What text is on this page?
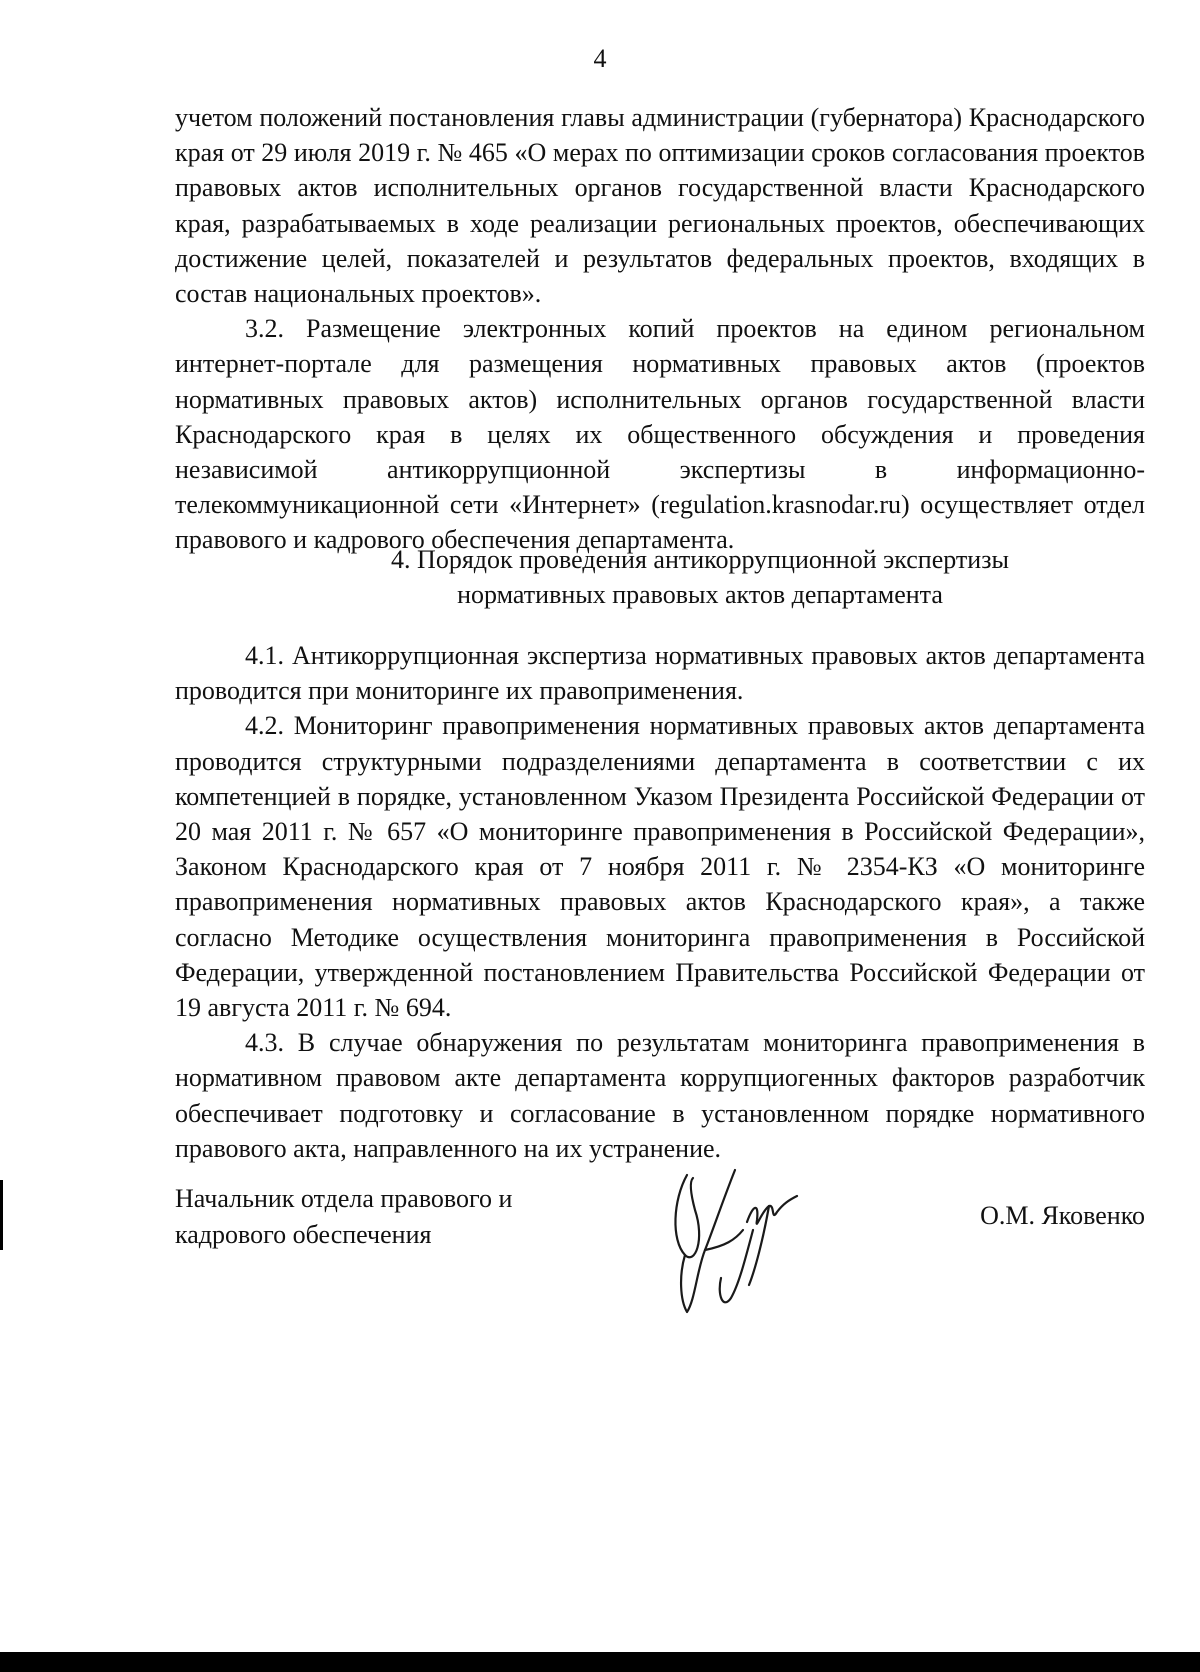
4

учетом положений постановления главы администрации (губернатора) Краснодарского края от 29 июля 2019 г. № 465 «О мерах по оптимизации сроков согласования проектов правовых актов исполнительных органов государственной власти Краснодарского края, разрабатываемых в ходе реализации региональных проектов, обеспечивающих достижение целей, показателей и результатов федеральных проектов, входящих в состав национальных проектов».

3.2. Размещение электронных копий проектов на едином региональном интернет-портале для размещения нормативных правовых актов (проектов нормативных правовых актов) исполнительных органов государственной власти Краснодарского края в целях их общественного обсуждения и проведения независимой антикоррупционной экспертизы в информационно-телекоммуникационной сети «Интернет» (regulation.krasnodar.ru) осуществляет отдел правового и кадрового обеспечения департамента.

4. Порядок проведения антикоррупционной экспертизы
нормативных правовых актов департамента

4.1. Антикоррупционная экспертиза нормативных правовых актов департамента проводится при мониторинге их правоприменения.

4.2. Мониторинг правоприменения нормативных правовых актов департамента проводится структурными подразделениями департамента в соответствии с их компетенцией в порядке, установленном Указом Президента Российской Федерации от 20 мая 2011 г. № 657 «О мониторинге правоприменения в Российской Федерации», Законом Краснодарского края от 7 ноября 2011 г. № 2354-КЗ «О мониторинге правоприменения нормативных правовых актов Краснодарского края», а также согласно Методике осуществления мониторинга правоприменения в Российской Федерации, утвержденной постановлением Правительства Российской Федерации от 19 августа 2011 г. № 694.

4.3. В случае обнаружения по результатам мониторинга правоприменения в нормативном правовом акте департамента коррупциогенных факторов разработчик обеспечивает подготовку и согласование в установленном порядке нормативного правового акта, направленного на их устранение.

Начальник отдела правового и
кадрового обеспечения
О.М. Яковенко
